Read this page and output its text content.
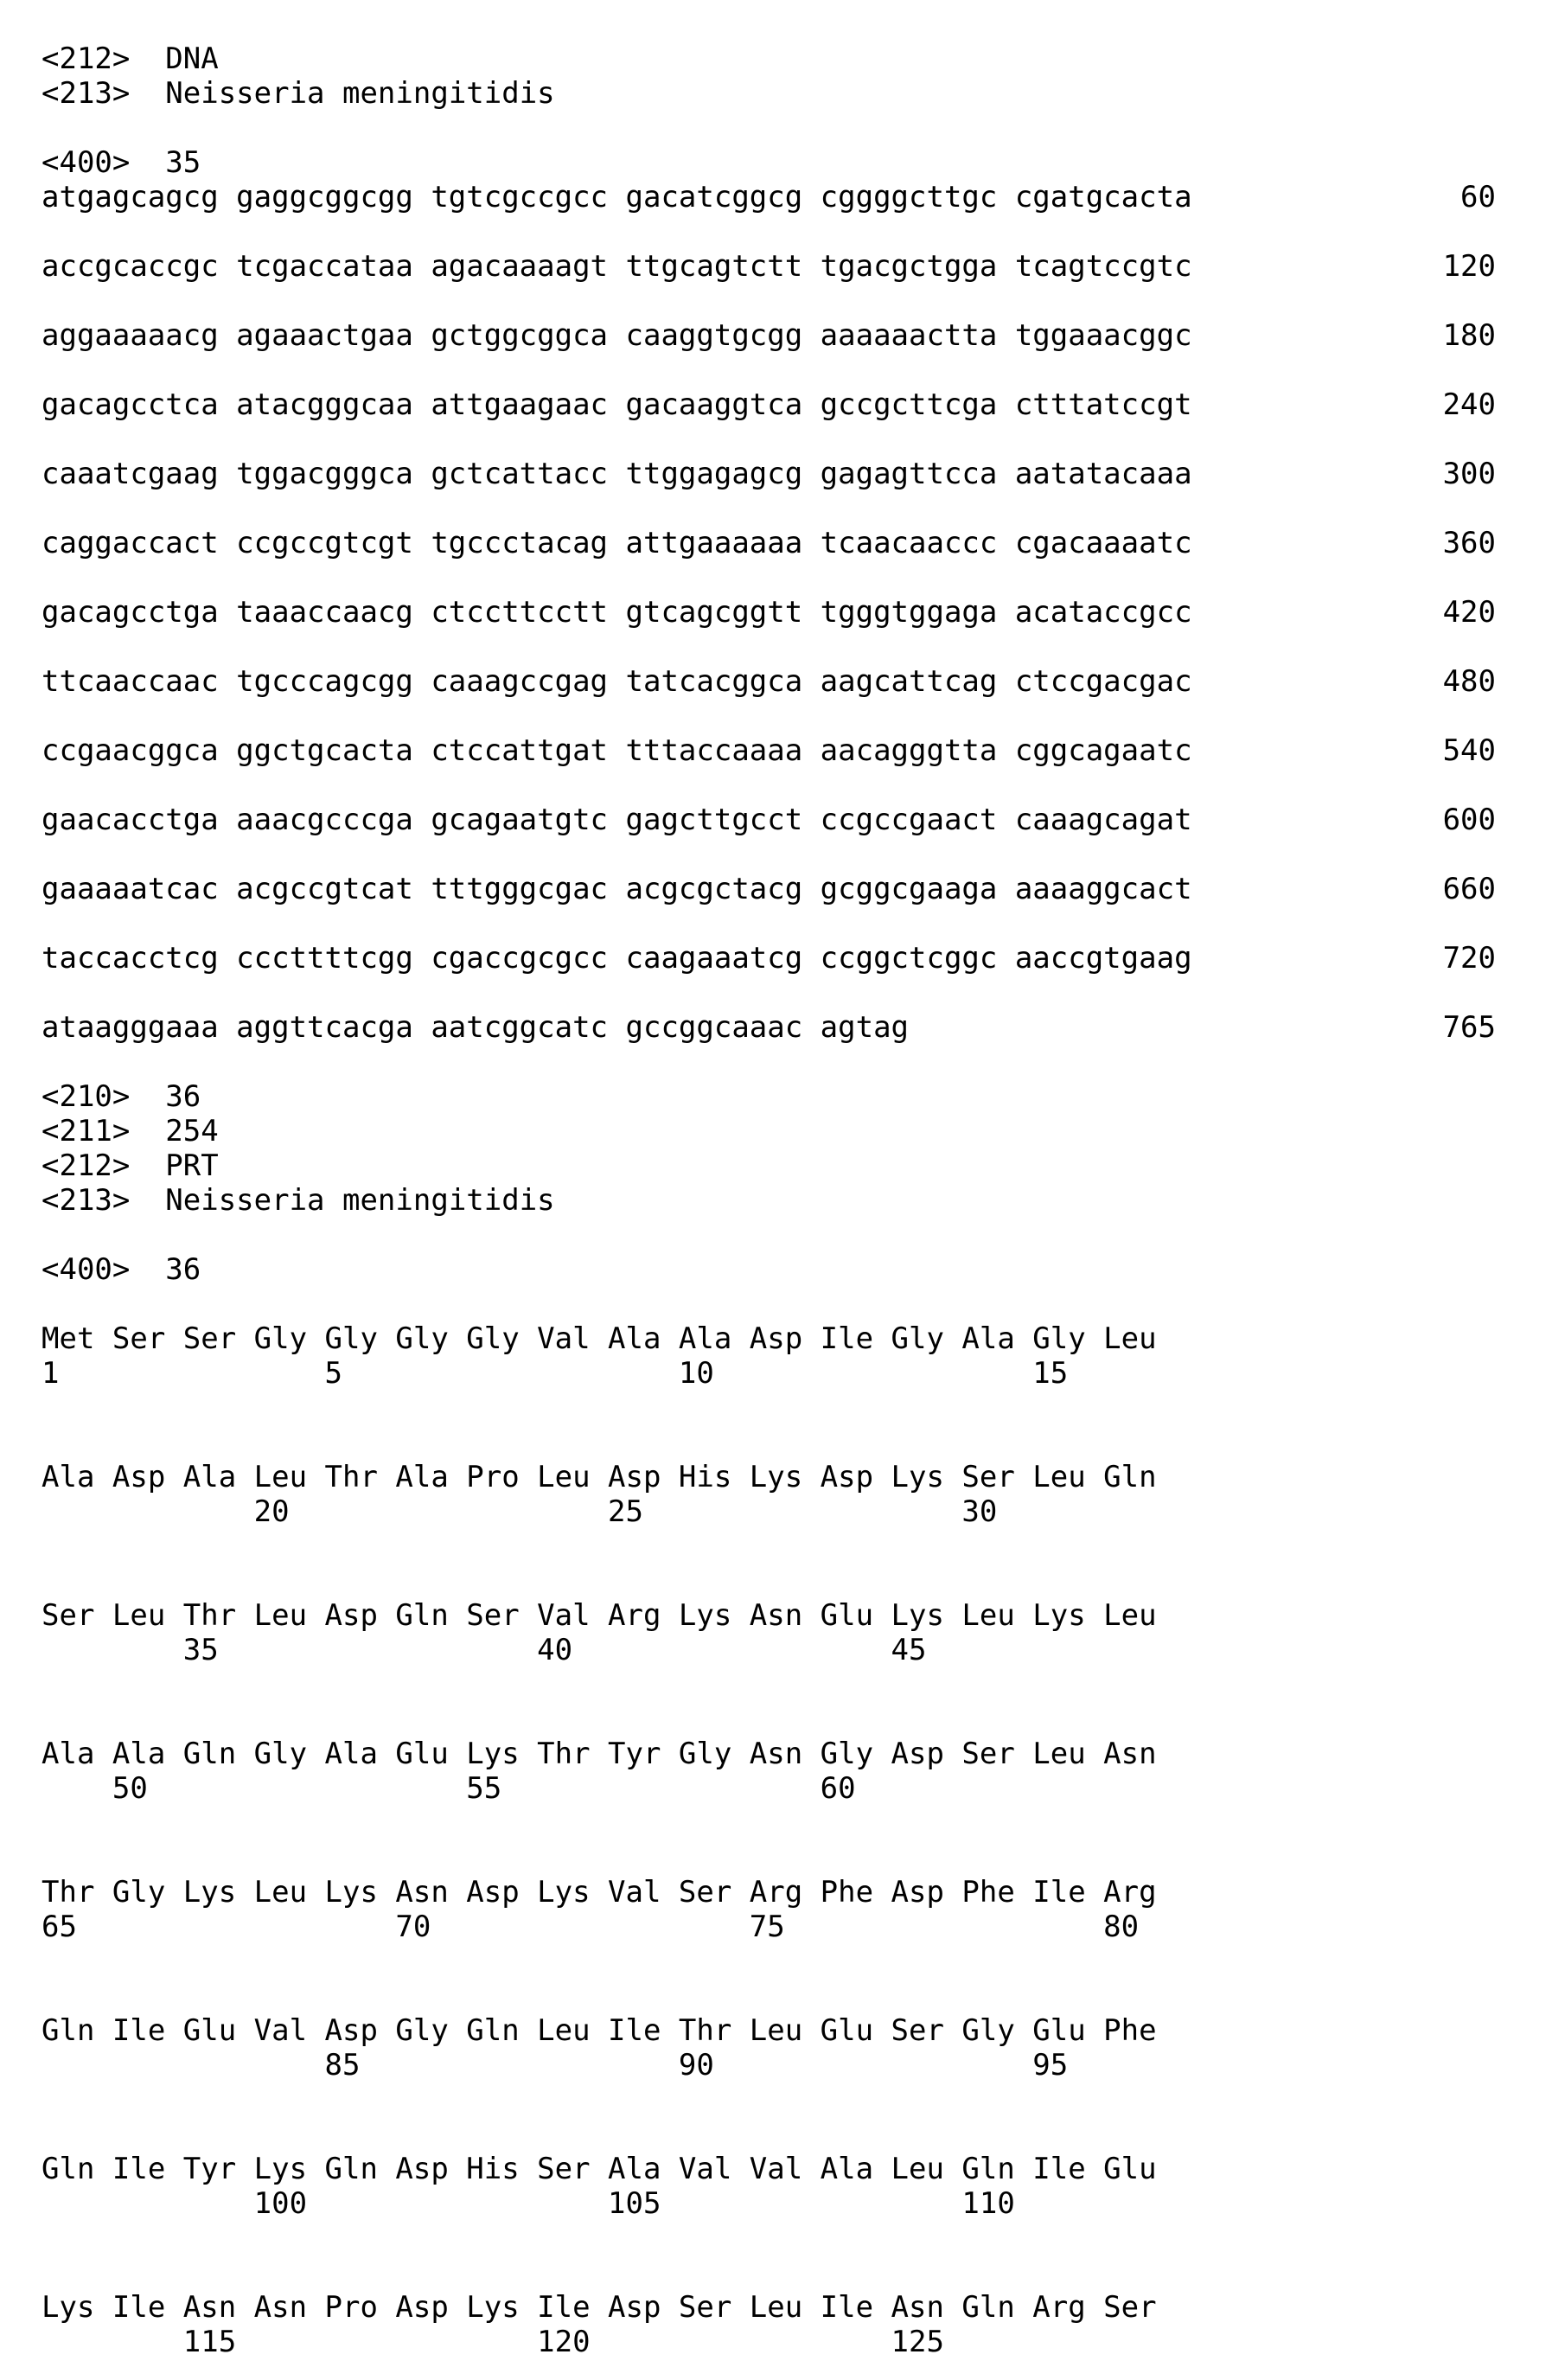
<212> DNA
<213> Neisseria meningitidis
<400> 35
atgagcagcg gaggcggcgg tgtcgccgcc gacatcggcg cggggcttgc cgatgcacta	60
accgcaccgc tcgaccataa agacaaaagt ttgcagtctt tgacgctgga tcagtccgtc	120
aggaaaaacg agaaactgaa gctggcggca caaggtgcgg aaaaaactta tggaaacggc	180
gacagcctca atacgggcaa attgaagaac gacaaggtca gccgcttcga ctttatccgt	240
caaatcgaag tggacgggca gctcattacc ttggagagcg gagagttcca aatatacaaa	300
caggaccact ccgccgtcgt tgccctacag attgaaaaaa tcaacaaccc cgacaaaatc	360
gacagcctga taaaccaacg ctccttcctt gtcagcggtt tgggtggaga acataccgcc	420
ttcaaccaac tgcccagcgg caaagccgag tatcacggca aagcattcag ctccgacgac	480
ccgaacggca ggctgcacta ctccattgat tttaccaaaa aacagggtta cggcagaatc	540
gaacacctga aaacgcccga gcagaatgtc gagcttgcct ccgccgaact caaagcagat	600
gaaaaatcac acgccgtcat tttgggcgac acgcgctacg gcggcgaaga aaaaggcact	660
taccacctcg cccttttcgg cgaccgcgcc caagaaatcg ccggctcggc aaccgtgaag	720
ataagggaaa aggttcacga aatcggcatc gccggcaaac agtag	765
<210> 36
<211> 254
<212> PRT
<213> Neisseria meningitidis
<400> 36
Met Ser Ser Gly Gly Gly Gly Val Ala Ala Asp Ile Gly Ala Gly Leu
1               5                   10                  15
Ala Asp Ala Leu Thr Ala Pro Leu Asp His Lys Asp Lys Ser Leu Gln
20                  25                  30
Ser Leu Thr Leu Asp Gln Ser Val Arg Lys Asn Glu Lys Leu Lys Leu
35                  40                  45
Ala Ala Gln Gly Ala Glu Lys Thr Tyr Gly Asn Gly Asp Ser Leu Asn
50                  55                  60
Thr Gly Lys Leu Lys Asn Asp Lys Val Ser Arg Phe Asp Phe Ile Arg
65                  70                  75                  80
Gln Ile Glu Val Asp Gly Gln Leu Ile Thr Leu Glu Ser Gly Glu Phe
85                  90                  95
Gln Ile Tyr Lys Gln Asp His Ser Ala Val Val Ala Leu Gln Ile Glu
100                 105                 110
Lys Ile Asn Asn Pro Asp Lys Ile Asp Ser Leu Ile Asn Gln Arg Ser
115                 120                 125
